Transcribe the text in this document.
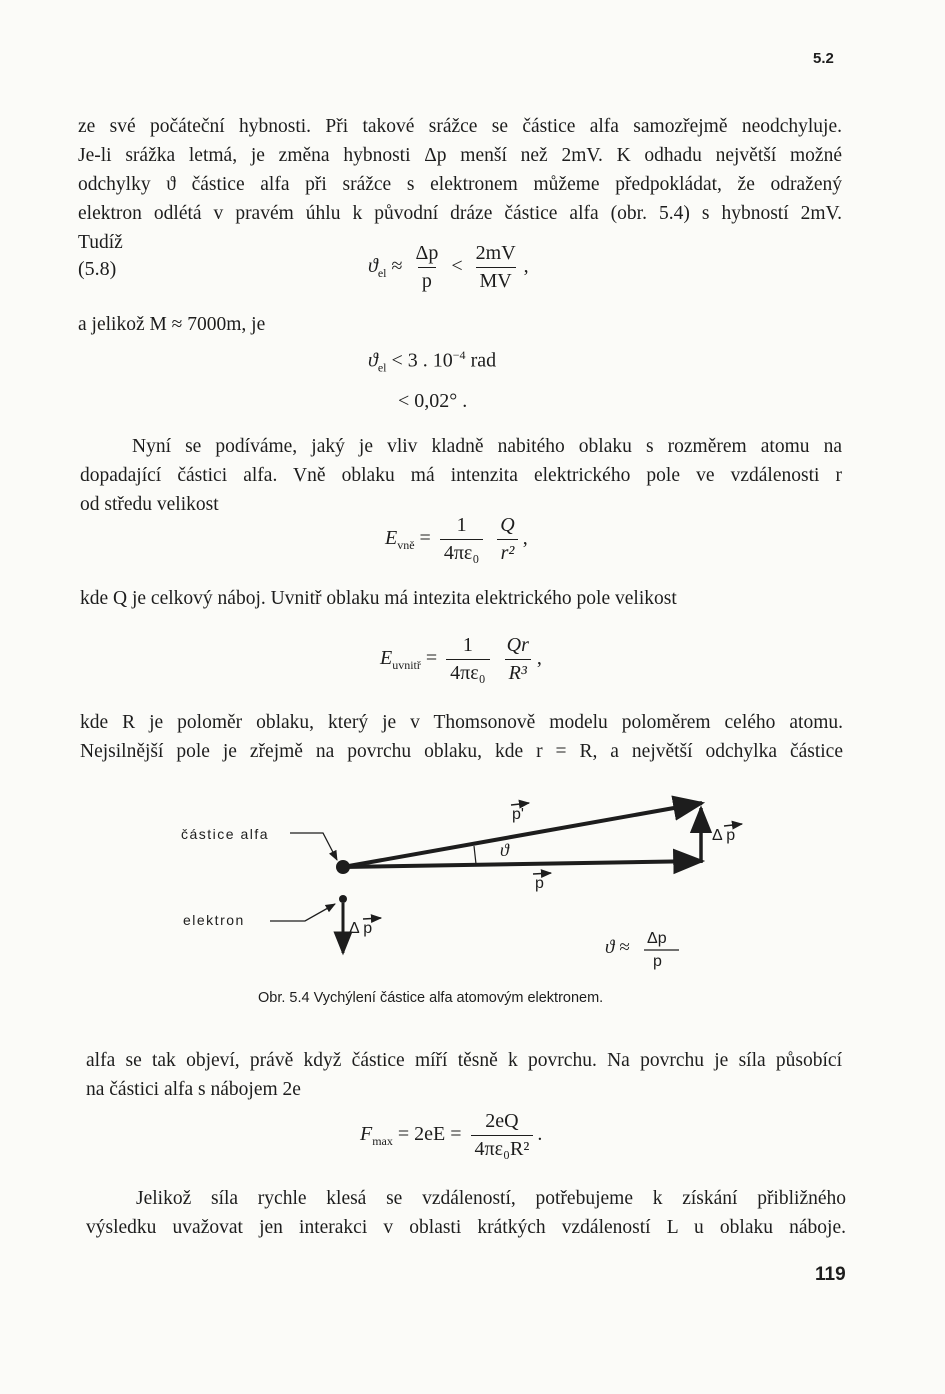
5.2
ze své počáteční hybnosti. Při takové srážce se částice alfa samozřejmě neodchyluje.
Je-li srážka letmá, je změna hybnosti Δp menší než 2mV. K odhadu největší možné
odchylky ϑ částice alfa při srážce s elektronem můžeme předpokládat, že odražený
elektron odlétá v pravém úhlu k původní dráze částice alfa (obr. 5.4) s hybností 2mV.
Tudíž
(5.8)	$ϑ_{el} \approx \frac{\Delta p}{p} < \frac{2mV}{MV}$ ,
a jelikož M ≈ 7000m, je
$ϑ_{el} < 3$ . $10^{-4}$ rad
< 0,02° .
Nyní se podíváme, jaký je vliv kladně nabitého oblaku s rozměrem atomu na
dopadající částici alfa. Vně oblaku má intenzita elektrického pole ve vzdálenosti r
od středu velikost
$E_{vně} = \frac{1}{\text{4πε₀}}$
$\frac{Q}{\text{r²}}$ ,
kde Q je celkový náboj. Uvnitř oblaku má intezita elektrického pole velikost
$E_{uvnitř} = \frac{1}{\text{4πε₀}}$
$\frac{Qr}{\text{R³}}$ ,
kde R je poloměr oblaku, který je v Thomsonově modelu poloměrem celého atomu.
Nejsilnější pole je zřejmě na povrchu oblaku, kde r = R, a největší odchylka částice
částice alfa
elektron
p'
p
Δ p
Δ p
ϑ
ϑ ≈ Δp
p
Obr. 5.4 Vychýlení částice alfa atomovým elektronem.
alfa se tak objeví, právě když částice míří těsně k povrchu. Na povrchu je síla působící
na částici alfa s nábojem 2e
$F_{max} = 2eE = \frac{2eQ}{\text{4πε₀R²}}$ .
Jelikož síla rychle klesá se vzdáleností, potřebujeme k získání přibližného
výsledku uvažovat jen interakci v oblasti krátkých vzdáleností L u oblaku náboje.
119
